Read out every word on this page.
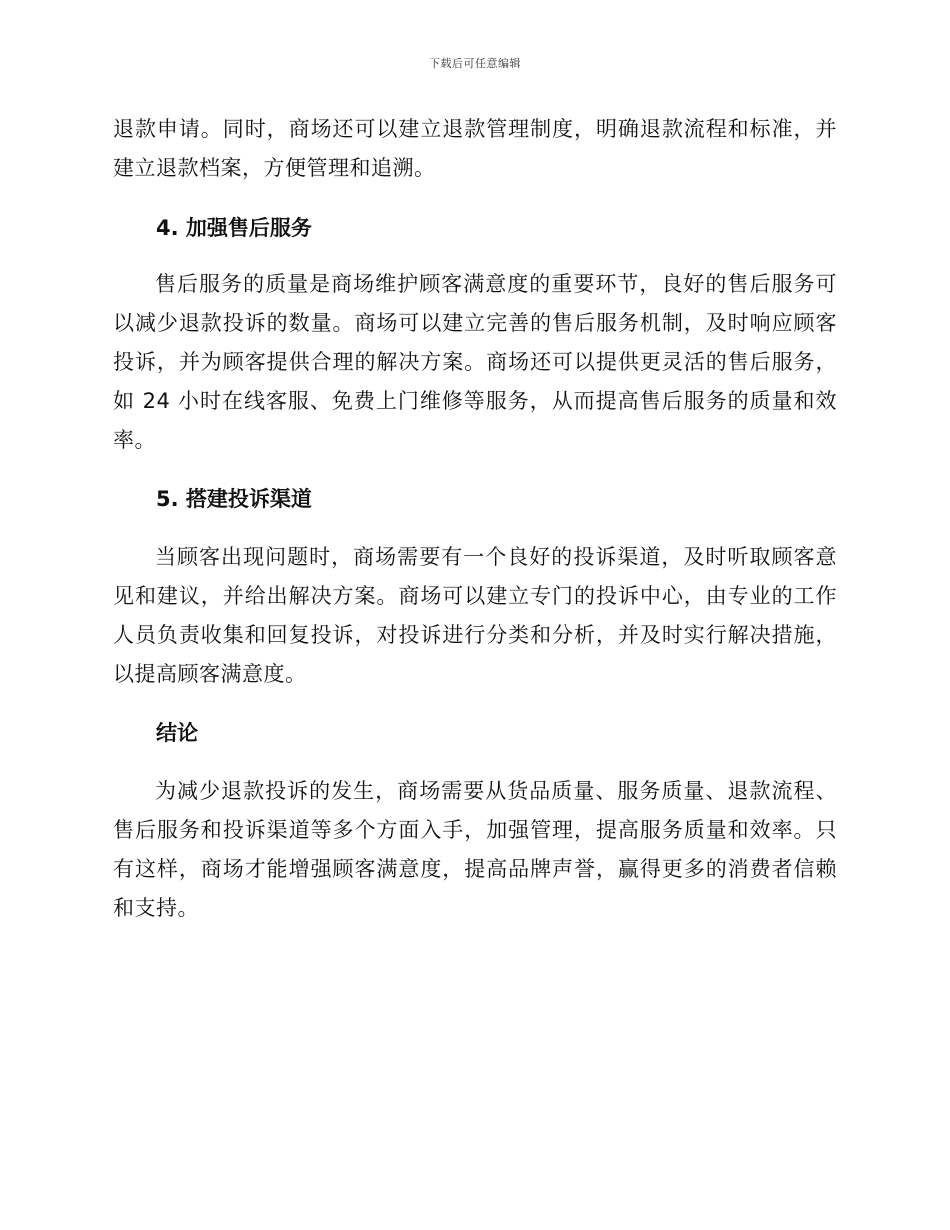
下载后可任意编辑

退款申请。同时，商场还可以建立退款管理制度，明确退款流程和标准，并建立退款档案，方便管理和追溯。

4. 加强售后服务

售后服务的质量是商场维护顾客满意度的重要环节，良好的售后服务可以减少退款投诉的数量。商场可以建立完善的售后服务机制，及时响应顾客投诉，并为顾客提供合理的解决方案。商场还可以提供更灵活的售后服务，如 24 小时在线客服、免费上门维修等服务，从而提高售后服务的质量和效率。

5. 搭建投诉渠道

当顾客出现问题时，商场需要有一个良好的投诉渠道，及时听取顾客意见和建议，并给出解决方案。商场可以建立专门的投诉中心，由专业的工作人员负责收集和回复投诉，对投诉进行分类和分析，并及时实行解决措施，以提高顾客满意度。

结论

为减少退款投诉的发生，商场需要从货品质量、服务质量、退款流程、售后服务和投诉渠道等多个方面入手，加强管理，提高服务质量和效率。只有这样，商场才能增强顾客满意度，提高品牌声誉，赢得更多的消费者信赖和支持。
